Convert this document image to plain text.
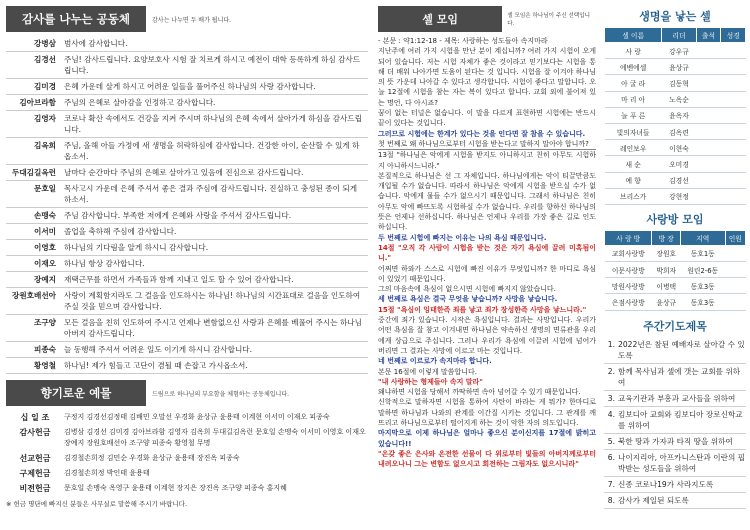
감사를 나누는 공동체	감사는 나누면 두 배가 됩니다.
강병삼	범사에 감사합니다.
김경선	주님! 감사드립니다. 요양보호사 시험 잘 치르게 하시고 예전이 대학 등록하게 하심 감사드립니다.
김미경	은혜 가운데 살게 하시고 어려운 일들을 풀어주신 하나님의 사랑 감사합니다.
김아브라함	주님의 은혜로 살아감을 인정하고 감사합니다.
김영자	코로나 확산 속에서도 건강을 지켜 주시며 하나님의 은혜 속에서 살아가게 하심을 감사드립니다.
김옥희	주님, 올해 아들 가정에 새 생명을 허락하심에 감사합니다. 건강한 아이, 순산할 수 있게 하옵소서.
두대김길옥런	날마다 순간마다 주님의 은혜로 살아가고 있음에 진심으로 감사드립니다.
문호일	목사고시 가운데 은혜 주셔서 좋은 결과 주심에 감사드립니다. 진실하고 충성된 종이 되게 하소서.
손맹숙	주님 감사합니다. 부족한 저에게 은혜와 사랑을 주셔서 감사드립니다.
이서미	졸업을 축하해 주심에 감사합니다.
이영호	하나님의 기다림을 알게 하시니 감사합니다.
이재오	하나님 항상 감사합니다.
장예지	재택근무를 하면서 가족들과 함께 지내고 일도 할 수 있어 감사합니다.
장원호배선아	사랑이 계획함지라도 그 걸음을 인도하시는 하나님! 하나님의 시간표대로 걸음을 인도하여 주실 것을 믿으며 감사합니다.
조구양	모든 걸음을 친히 인도하여 주시고 언제나 변함없으신 사랑과 은혜를 베풀어 주시는 하나님 아버지 감사드립니다.
피종숙	늘 동행해 주셔서 어려운 일도 이기게 하시니 감사합니다.
황영철	하나님! 제가 힘들고 고단이 겸될 때 손잡고 가시옵소서.
향기로운 예물	드림으로 하나님의 부요함을 체험하는 공동체입니다.
십 일 조	구정지 김경선김정태 김배민 오말선 우경화 윤상규 윤용태 이계현 이서미 이재오 피종숙
감사헌금	김병삼 김경선 김미경 김아브라함 김영자 김옥희 두대길김옥런 문호일 손맹숙 이서미 이영호 이재오 장예지 장원호배선아 조구양 피종숙 황영철 무명
선교헌금	김경철손희정 김민순 우경화 윤상규 윤용태 장진옥 피종숙
구제헌금	김경철손희정 박인태 윤용태
비전헌금	문호일 손맹숙 옥영구 윤용태 이계현 장지은 장진옥 조구양 피종숙 홍지혜
※ 헌금 명단에 빠지신 분들은 사무실로 말씀해 주시기 바랍니다.
셀 모임	셀 모임은 하나님이 주신 선택입니다.
- 본문 : 약1:12-18 - 제목: 사랑하는 성도들아 속지마라
지난주에 여러 가지 시험을 만난 분이 계십니까? 여러 가지 시험이 오게 되어 있습니다. 저는 시험 자체가 좋은 것이라고 믿기보다는 시험을 통해 더 배워 나아가면 도움이 된다는 것 입니다. 시험을 잘 이겨야 하나님의 뜻 가운데 나아갈 수 있다고 생각합니다. 시험이 좋다고 말합니다. 오늘 12절에 시험을 참는 자는 복이 있다고 합니다. 교회 외에 불어져 있는 명언, 다 아시죠?
꿈이 없는 터널은 없습니다. 이 말을 다르게 표현하면 시험에는 반드시 끝이 있다는 것입니다.
그러므로 시험에는 한계가 있다는 것을 인다면 잘 참을 수 있습니다.
첫 번째로 왜 하나님으로부터 시험을 받는다고 말하지 말아야 합니까?
13절 "하나님은 악에게 시험을 받지도 아니하시고 친히 아무도 시험하지 아니하시느니라."
본질적으로 하나님은 선 그 자체입니다. 하나님에게는 악이 티끌만큼도 개입될 수가 없습니다. 따라서 하나님은 악에게 시험을 받으실 수가 없습니다. 악에게 물들 수가 없으시기 때문입니다. 그래서 하나님은 친히 아무도 악에 빠뜨도록 시험하실 수가 없습니다. 우리를 향하신 하나님의 뜻은 언제나 선하십니다. 하나님은 언제나 우리를 가장 좋은 길로 인도하십니다.
두 번째로 시험에 빠지는 이유는 나의 욕심 때문입니다.
14절 "오직 각 사람이 시험을 받는 것은 자기 욕심에 끌려 미혹됨이니."
어쩌면 하와가 스스로 시험에 빠진 이유가 무엇입니까? 한 마디로 욕심이 있었기 때문입니다.
그의 마음속에 욕심이 없으시면 시험에 빠지지 않았습니다.
세 번째로 욕심은 결국 무엇을 낳습니까? 사망을 낳습니다.
15절 "욕심이 잉태한즉 죄를 낳고 죄가 장성한즉 사망을 낳느니라."
중간에 죄가 있습니다. 시작은 욕심입니다. 결과는 사망입니다. 우리가 어떤 욕심을 잘 참고 이겨내면 하나님은 약속하신 생명의 면류관을 우리에게 상급으로 주십니다. 그러나 우리가 욕심에 이끌려 시험에 넘어가 버리면 그 결과는 사망에 이르고 마는 것입니다.
네 번째로 이르로가 속지마라 합니다.
본문 16절에 이렇게 말씀합니다.
"내 사랑하는 형제들아 속지 말라"
왜냐하면 시험을 당해서 까딱하면 속아 넘어갈 수 있기 때문입니다.
신학적으로 말하자면 시험을 통하여 사탄이 바라는 게 뭐가? 한마디로 말하면 하나님과 나와의 관계를 이간질 시키는 것입니다. 그 관계를 깨뜨리고 하나님으로부터 떨어지게 하는 것이 악한 자의 의도입니다.
마지막으로 이제 하나님은 얼마나 좋으신 분이신지를 17절에 밝히고 있습니다!!
"온갖 좋은 은사와 온전한 선물이 다 위로부터 빛들의 아버지께로부터 내려오나니 그는 변함도 없으시고 회전하는 그림자도 없으시니라"
생명을 낳는 셀
셀 이름	리더	출석	성경
사 랑	강우규		
에벤에셀	윤상규		
아 굴 라	김동혁		
마 리 아	노옥순		
늘 푸 른	윤옥자		
빛의자녀들	김옥련		
레인보우	이현숙		
새 순	오미경		
예 향	김경선		
브리스가	강현정		
사랑방 모임
사 랑 방	방 장	지역	인원
교회사랑방	장원호	동호1동	
이문사랑방	박희자	원린2-6동	
망원사랑방	이병택	동호3동	
은점사랑방	윤상규	동호3동	
주간기도제목
1. 2022년은 참된 예배자로 살아갈 수 있도록
2. 함께 목사님과 셀에 갯는 교회를 위하여
3. 교육기관과 부흥과 교사들을 위하여
4. 킴보디아 교회와 킴보디아 장로신학교를 위하여
5. 북한 땅과 가자과 타직 땅을 위하여
6. 나이지리아, 아프카니스탄과 이란의 핍박받는 성도들을 위하여
7. 신종 코로나19가 사라지도록
8. 감사가 제일된 되도록
